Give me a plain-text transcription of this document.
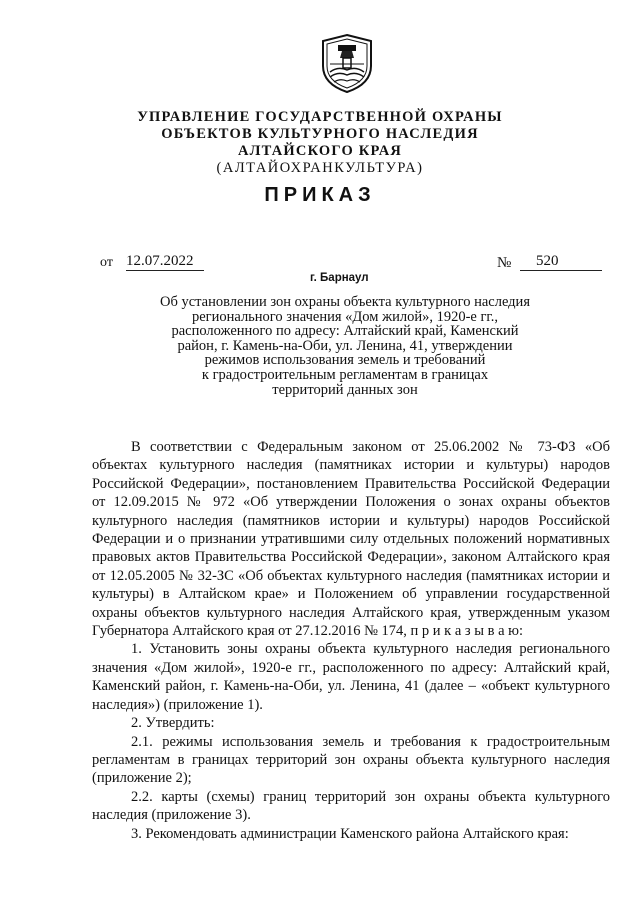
УПРАВЛЕНИЕ ГОСУДАРСТВЕННОЙ ОХРАНЫ
ОБЪЕКТОВ КУЛЬТУРНОГО НАСЛЕДИЯ
АЛТАЙСКОГО КРАЯ
(АЛТАЙОХРАНКУЛЬТУРА)
ПРИКАЗ
от 12.07.2022	№	520
г. Барнаул
Об установлении зон охраны объекта культурного наследия
регионального значения «Дом жилой», 1920-е гг.,
расположенного по адресу: Алтайский край, Каменский
район, г. Камень-на-Оби, ул. Ленина, 41, утверждении
режимов использования земель и требований
к градостроительным регламентам в границах
территорий данных зон

В соответствии с Федеральным законом от 25.06.2002 № 73-ФЗ «Об объектах культурного наследия (памятниках истории и культуры) народов Российской Федерации», постановлением Правительства Российской Федерации от 12.09.2015 № 972 «Об утверждении Положения о зонах охраны объектов культурного наследия (памятников истории и культуры) народов Российской Федерации и о признании утратившими силу отдельных положений нормативных правовых актов Правительства Российской Федерации», законом Алтайского края от 12.05.2005 № 32-ЗС «Об объектах культурного наследия (памятниках истории и культуры) в Алтайском крае» и Положением об управлении государственной охраны объектов культурного наследия Алтайского края, утвержденным указом Губернатора Алтайского края от 27.12.2016 № 174, п р и к а з ы в а ю:

1. Установить зоны охраны объекта культурного наследия регионального значения «Дом жилой», 1920-е гг., расположенного по адресу: Алтайский край, Каменский район, г. Камень-на-Оби, ул. Ленина, 41 (далее – «объект культурного наследия») (приложение 1).

2. Утвердить:

2.1. режимы использования земель и требования к градостроительным регламентам в границах территорий зон охраны объекта культурного наследия (приложение 2);

2.2. карты (схемы) границ территорий зон охраны объекта культурного наследия (приложение 3).

3. Рекомендовать администрации Каменского района Алтайского края:
